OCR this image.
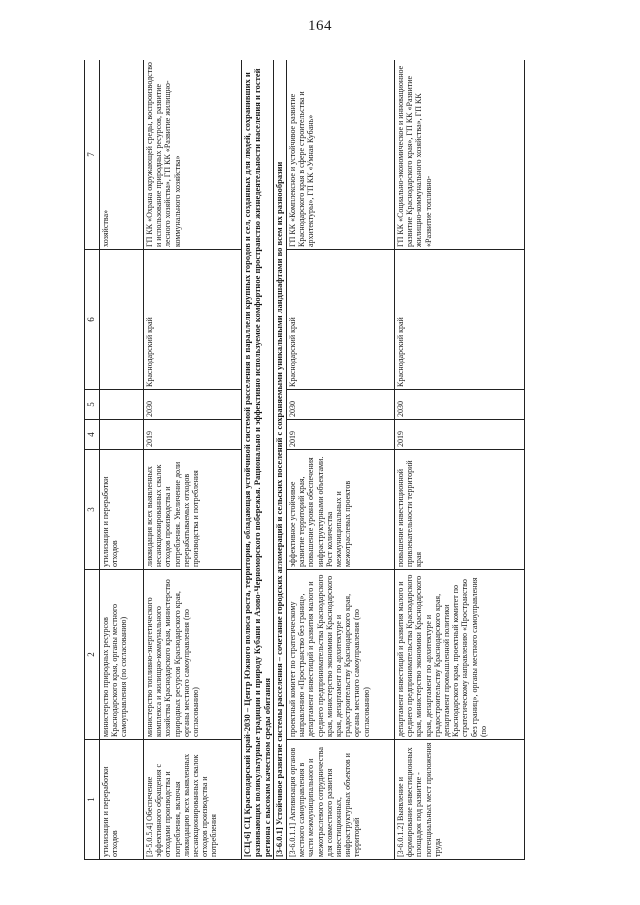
164
1	2	3	4	5	6	7
утилизации и переработки отходов	министерство природных ресурсов Краснодарского края, органы местного самоуправления (по согласованию)	утилизации и переработки отходов				хозяйства»
[3-5.0.5.4] Обеспечение эффективного обращения с отходами производства и потребления, включая ликвидацию всех выявленных несанкционированных свалок отходов производства и потребления	министерство топливно-энергетического комплекса и жилищно-коммунального хозяйства Краснодарского края, министерство природных ресурсов Краснодарского края, органы местного самоуправления (по согласованию)	ликвидация всех выявленных несанкционированных свалок отходов производства и потребления. Увеличение доли перерабатываемых отходов производства и потребления	2019	2030	Краснодарский край	ГП КК «Охрана окружающей среды, воспроизводство и использование природных ресурсов, развитие лесного хозяйства», ГП КК «Развитие жилищно-коммунального хозяйства»
[СЦ-6] СЦ Краснодарский край-2030 – Центр Южного полюса роста, территория, обладающая устойчивой системой расселения в параллели крупных городов и сел, созданных для людей, сохранивших и развивающих поликультурные традиции и природу Кубани и Азово-Черноморского побережья. Рационально и эффективно используемое комфортное пространство жизнедеятельности населения и гостей региона с высоким качеством среды обитания						
[3-6.0.1] Устойчивое развитие системы расселения – сочетание городских агломераций и сельских поселений с сохраняемыми уникальными ландшафтами во всем их разнообразии						
[3-6.0.1.1] Активизация органов местного самоуправления в части межмуниципального и межотраслевого сотрудничества для совместного развития инвестиционных, инфраструктурных объектов и территорий	проектный комитет по стратегическому направлению «Пространство без границ», департамент инвестиций и развития малого и среднего предпринимательства Краснодарского края, министерство экономики Краснодарского края, департамент по архитектуре и градостроительству Краснодарского края, органы местного самоуправления (по согласованию)	эффективное устойчивое развитие территорий края, повышение уровня обеспечения инфраструктурными объектами. Рост количества межмуниципальных и межотраслевых проектов	2019	2030	Краснодарский край	ГП КК «Комплексное и устойчивое развитие Краснодарского края в сфере строительства и архитектуры», ГП КК «Умная Кубань»
[3-6.0.1.2] Выявление и формирование инвестиционных площадок под развитие - потенциальных мест приложения труда	департамент инвестиций и развития малого и среднего предпринимательства Краснодарского края, министерство экономики Краснодарского края, департамент по архитектуре и градостроительству Краснодарского края, департамент промышленной политики Краснодарского края, проектный комитет по стратегическому направлению «Пространство без границ», органы местного самоуправления (по	повышение инвестиционной привлекательности территорий края	2019	2030	Краснодарский край	ГП КК «Социально-экономическое и инновационное развитие Краснодарского края», ГП КК «Развитие жилищно-коммунального хозяйства», ГП КК «Развитие топливно-
